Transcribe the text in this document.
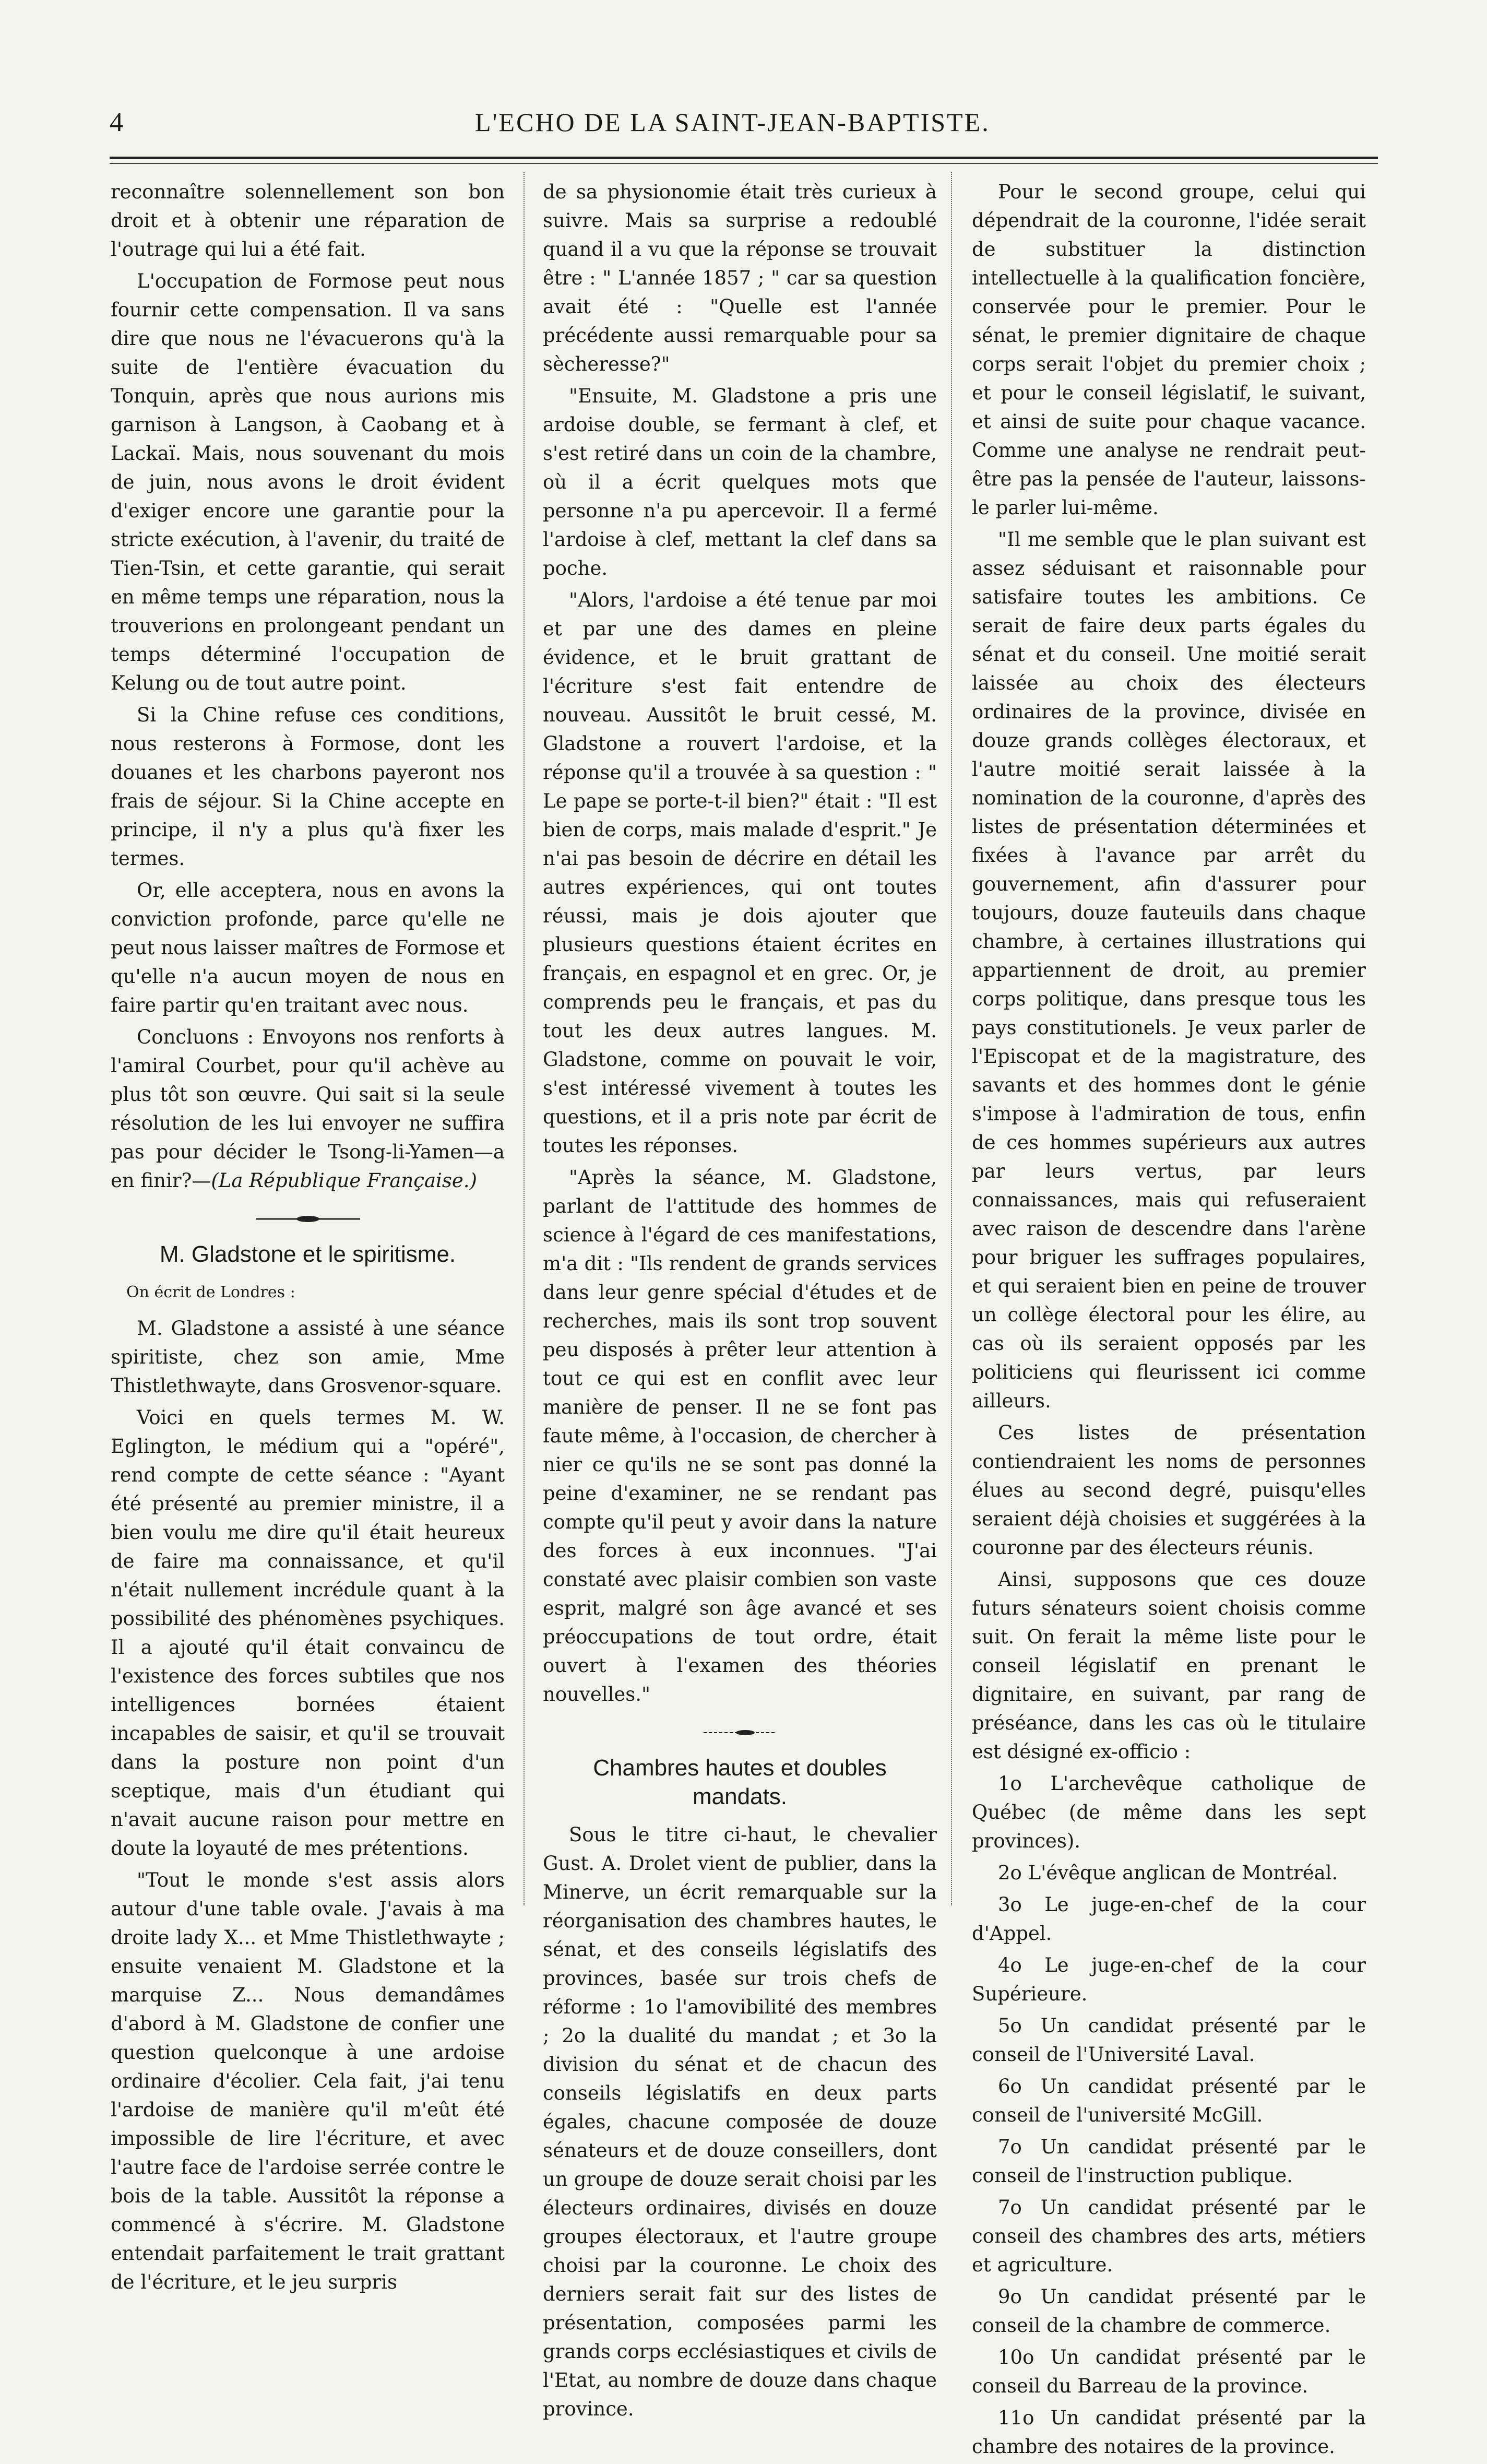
4	L'ECHO DE LA SAINT-JEAN-BAPTISTE.

reconnaître solennellement son bon droit et à obtenir une réparation de l'outrage qui lui a été fait.

L'occupation de Formose peut nous fournir cette compensation. Il va sans dire que nous ne l'évacuerons qu'à la suite de l'entière évacuation du Tonquin, après que nous aurions mis garnison à Langson, à Caobang et à Lackaï. Mais, nous souvenant du mois de juin, nous avons le droit évident d'exiger encore une garantie pour la stricte exécution, à l'avenir, du traité de Tien-Tsin, et cette garantie, qui serait en même temps une réparation, nous la trouverions en prolongeant pendant un temps déterminé l'occupation de Kelung ou de tout autre point.

Si la Chine refuse ces conditions, nous resterons à Formose, dont les douanes et les charbons payeront nos frais de séjour. Si la Chine accepte en principe, il n'y a plus qu'à fixer les termes.

Or, elle acceptera, nous en avons la conviction profonde, parce qu'elle ne peut nous laisser maîtres de Formose et qu'elle n'a aucun moyen de nous en faire partir qu'en traitant avec nous.

Concluons : Envoyons nos renforts à l'amiral Courbet, pour qu'il achève au plus tôt son œuvre. Qui sait si la seule résolution de les lui envoyer ne suffira pas pour décider le Tsong-li-Yamen—a en finir?—(La République Française.)

M. Gladstone et le spiritisme.
On écrit de Londres :

M. Gladstone a assisté à une séance spiritiste, chez son amie, Mme Thistlethwayte, dans Grosvenor-square.

Voici en quels termes M. W. Eglington, le médium qui a "opéré", rend compte de cette séance : "Ayant été présenté au premier ministre, il a bien voulu me dire qu'il était heureux de faire ma connaissance, et qu'il n'était nullement incrédule quant à la possibilité des phénomènes psychiques. Il a ajouté qu'il était convaincu de l'existence des forces subtiles que nos intelligences bornées étaient incapables de saisir, et qu'il se trouvait dans la posture non point d'un sceptique, mais d'un étudiant qui n'avait aucune raison pour mettre en doute la loyauté de mes prétentions.

"Tout le monde s'est assis alors autour d'une table ovale. J'avais à ma droite lady X... et Mme Thistlethwayte ; ensuite venaient M. Gladstone et la marquise Z... Nous demandâmes d'abord à M. Gladstone de confier une question quelconque à une ardoise ordinaire d'écolier. Cela fait, j'ai tenu l'ardoise de manière qu'il m'eût été impossible de lire l'écriture, et avec l'autre face de l'ardoise serrée contre le bois de la table. Aussitôt la réponse a commencé à s'écrire. M. Gladstone entendait parfaitement le trait grattant de l'écriture, et le jeu surpris

de sa physionomie était très curieux à suivre. Mais sa surprise a redoublé quand il a vu que la réponse se trouvait être : " L'année 1857 ; " car sa question avait été : "Quelle est l'année précédente aussi remarquable pour sa sècheresse?"

"Ensuite, M. Gladstone a pris une ardoise double, se fermant à clef, et s'est retiré dans un coin de la chambre, où il a écrit quelques mots que personne n'a pu apercevoir. Il a fermé l'ardoise à clef, mettant la clef dans sa poche.

"Alors, l'ardoise a été tenue par moi et par une des dames en pleine évidence, et le bruit grattant de l'écriture s'est fait entendre de nouveau. Aussitôt le bruit cessé, M. Gladstone a rouvert l'ardoise, et la réponse qu'il a trouvée à sa question : " Le pape se porte-t-il bien?" était : "Il est bien de corps, mais malade d'esprit." Je n'ai pas besoin de décrire en détail les autres expériences, qui ont toutes réussi, mais je dois ajouter que plusieurs questions étaient écrites en français, en espagnol et en grec. Or, je comprends peu le français, et pas du tout les deux autres langues. M. Gladstone, comme on pouvait le voir, s'est intéressé vivement à toutes les questions, et il a pris note par écrit de toutes les réponses.

"Après la séance, M. Gladstone, parlant de l'attitude des hommes de science à l'égard de ces manifestations, m'a dit : "Ils rendent de grands services dans leur genre spécial d'études et de recherches, mais ils sont trop souvent peu disposés à prêter leur attention à tout ce qui est en conflit avec leur manière de penser. Il ne se font pas faute même, à l'occasion, de chercher à nier ce qu'ils ne se sont pas donné la peine d'examiner, ne se rendant pas compte qu'il peut y avoir dans la nature des forces à eux inconnues. "J'ai constaté avec plaisir combien son vaste esprit, malgré son âge avancé et ses préoccupations de tout ordre, était ouvert à l'examen des théories nouvelles."

Chambres hautes et doubles mandats.

Sous le titre ci-haut, le chevalier Gust. A. Drolet vient de publier, dans la Minerve, un écrit remarquable sur la réorganisation des chambres hautes, le sénat, et des conseils législatifs des provinces, basée sur trois chefs de réforme : 1o l'amovibilité des membres ; 2o la dualité du mandat ; et 3o la division du sénat et de chacun des conseils législatifs en deux parts égales, chacune composée de douze sénateurs et de douze conseillers, dont un groupe de douze serait choisi par les électeurs ordinaires, divisés en douze groupes électoraux, et l'autre groupe choisi par la couronne. Le choix des derniers serait fait sur des listes de présentation, composées parmi les grands corps ecclésiastiques et civils de l'Etat, au nombre de douze dans chaque province.

Pour le second groupe, celui qui dépendrait de la couronne, l'idée serait de substituer la distinction intellectuelle à la qualification foncière, conservée pour le premier. Pour le sénat, le premier dignitaire de chaque corps serait l'objet du premier choix ; et pour le conseil législatif, le suivant, et ainsi de suite pour chaque vacance. Comme une analyse ne rendrait peut-être pas la pensée de l'auteur, laissons-le parler lui-même.

"Il me semble que le plan suivant est assez séduisant et raisonnable pour satisfaire toutes les ambitions. Ce serait de faire deux parts égales du sénat et du conseil. Une moitié serait laissée au choix des électeurs ordinaires de la province, divisée en douze grands collèges électoraux, et l'autre moitié serait laissée à la nomination de la couronne, d'après des listes de présentation déterminées et fixées à l'avance par arrêt du gouvernement, afin d'assurer pour toujours, douze fauteuils dans chaque chambre, à certaines illustrations qui appartiennent de droit, au premier corps politique, dans presque tous les pays constitutionels. Je veux parler de l'Episcopat et de la magistrature, des savants et des hommes dont le génie s'impose à l'admiration de tous, enfin de ces hommes supérieurs aux autres par leurs vertus, par leurs connaissances, mais qui refuseraient avec raison de descendre dans l'arène pour briguer les suffrages populaires, et qui seraient bien en peine de trouver un collège électoral pour les élire, au cas où ils seraient opposés par les politiciens qui fleurissent ici comme ailleurs.

Ces listes de présentation contiendraient les noms de personnes élues au second degré, puisqu'elles seraient déjà choisies et suggérées à la couronne par des électeurs réunis.

Ainsi, supposons que ces douze futurs sénateurs soient choisis comme suit. On ferait la même liste pour le conseil législatif en prenant le dignitaire, en suivant, par rang de préséance, dans les cas où le titulaire est désigné ex-officio :

1o L'archevêque catholique de Québec (de même dans les sept provinces).

2o L'évêque anglican de Montréal.

3o Le juge-en-chef de la cour d'Appel.

4o Le juge-en-chef de la cour Supérieure.

5o Un candidat présenté par le conseil de l'Université Laval.

6o Un candidat présenté par le conseil de l'université McGill.

7o Un candidat présenté par le conseil de l'instruction publique.

7o Un candidat présenté par le conseil des chambres des arts, métiers et agriculture.

9o Un candidat présenté par le conseil de la chambre de commerce.

10o Un candidat présenté par le conseil du Barreau de la province.

11o Un candidat présenté par la chambre des notaires de la province.
